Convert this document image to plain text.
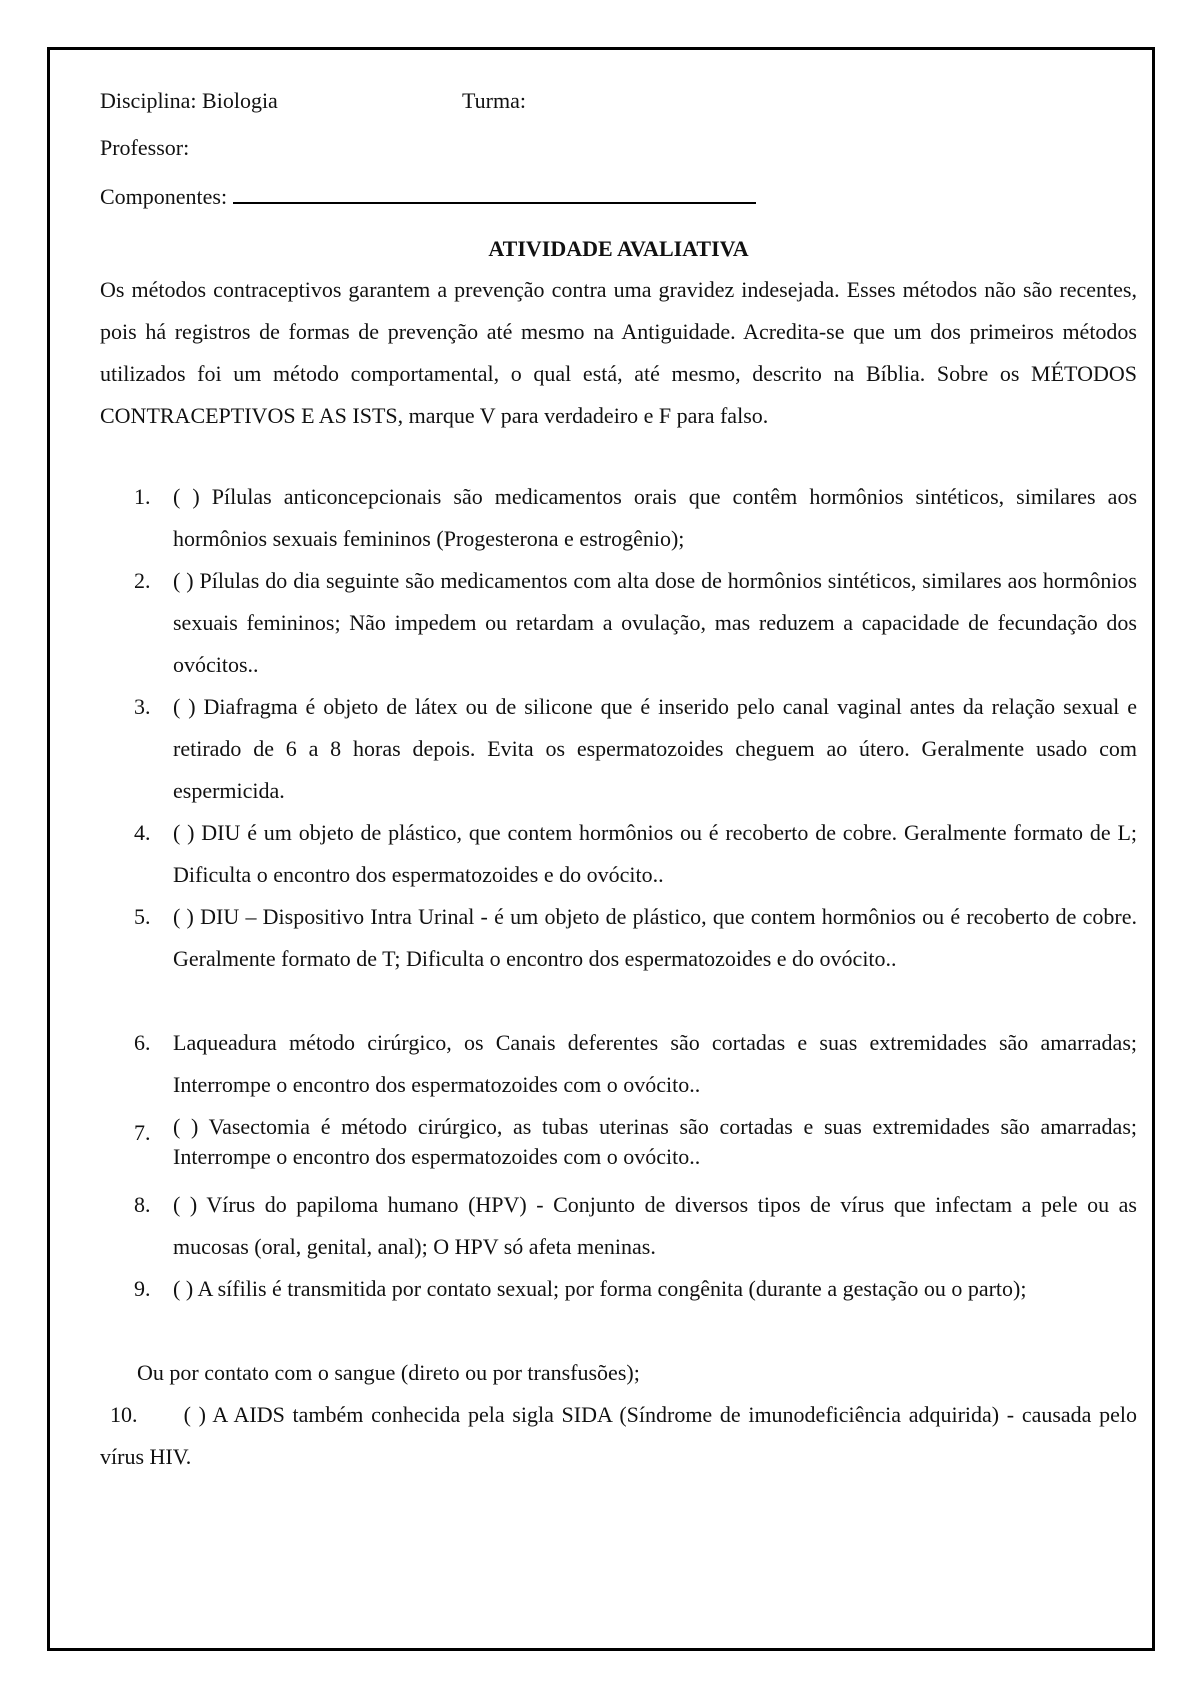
Disciplina: Biologia	Turma:
Professor:
Componentes:
ATIVIDADE AVALIATIVA
Os métodos contraceptivos garantem a prevenção contra uma gravidez indesejada. Esses métodos não são recentes, pois há registros de formas de prevenção até mesmo na Antiguidade. Acredita-se que um dos primeiros métodos utilizados foi um método comportamental, o qual está, até mesmo, descrito na Bíblia. Sobre os MÉTODOS CONTRACEPTIVOS E AS ISTS, marque V para verdadeiro e F para falso.
1.	( ) Pílulas anticoncepcionais são medicamentos orais que contêm hormônios sintéticos, similares aos hormônios sexuais femininos (Progesterona e estrogênio);
2.	( ) Pílulas do dia seguinte são medicamentos com alta dose de hormônios sintéticos, similares aos hormônios sexuais femininos; Não impedem ou retardam a ovulação, mas reduzem a capacidade de fecundação dos ovócitos..
3.	( ) Diafragma é objeto de látex ou de silicone que é inserido pelo canal vaginal antes da relação sexual e retirado de 6 a 8 horas depois. Evita os espermatozoides cheguem ao útero. Geralmente usado com espermicida.
4.	( ) DIU é um objeto de plástico, que contem hormônios ou é recoberto de cobre. Geralmente formato de L; Dificulta o encontro dos espermatozoides e do ovócito..
5.	( ) DIU – Dispositivo Intra Urinal - é um objeto de plástico, que contem hormônios ou é recoberto de cobre. Geralmente formato de T; Dificulta o encontro dos espermatozoides e do ovócito..
6.	Laqueadura método cirúrgico, os Canais deferentes são cortadas e suas extremidades são amarradas; Interrompe o encontro dos espermatozoides com o ovócito..
7.	( ) Vasectomia é método cirúrgico, as tubas uterinas são cortadas e suas extremidades são amarradas; Interrompe o encontro dos espermatozoides com o ovócito..
8.	( ) Vírus do papiloma humano (HPV) - Conjunto de diversos tipos de vírus que infectam a pele ou as mucosas (oral, genital, anal); O HPV só afeta meninas.
9.	( ) A sífilis é transmitida por contato sexual; por forma congênita (durante a gestação ou o parto);
Ou por contato com o sangue (direto ou por transfusões);
10. ( ) A AIDS também conhecida pela sigla SIDA (Síndrome de imunodeficiência adquirida) - causada pelo vírus HIV.
